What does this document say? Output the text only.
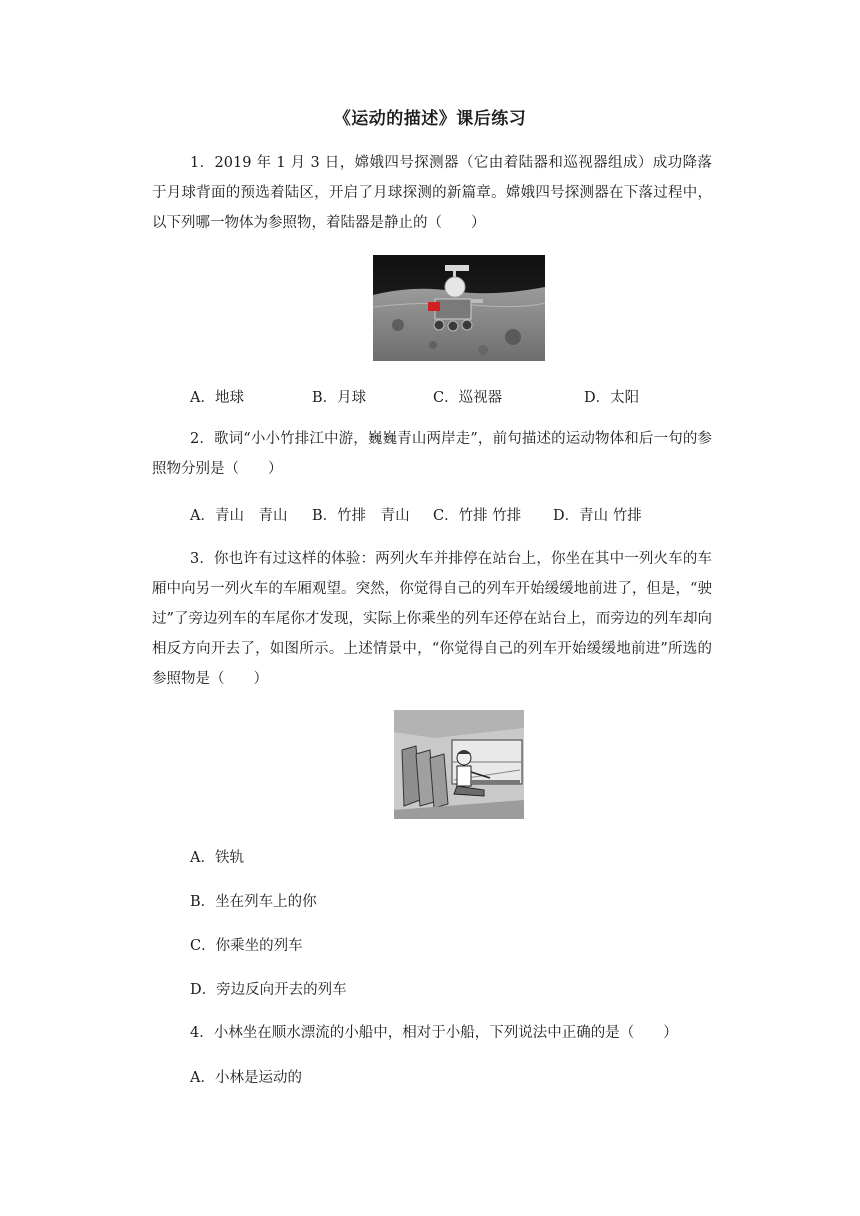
《运动的描述》课后练习

1．2019 年 1 月 3 日，嫦娥四号探测器（它由着陆器和巡视器组成）成功降落于月球背面的预选着陆区，开启了月球探测的新篇章。嫦娥四号探测器在下落过程中，以下列哪一物体为参照物，着陆器是静止的（　　）

A．地球	B．月球	C．巡视器	D．太阳

2．歌词“小小竹排江中游，巍巍青山两岸走”，前句描述的运动物体和后一句的参照物分别是（　　）

A．青山　青山 B．竹排　青山 C．竹排 竹排 D．青山 竹排

3．你也许有过这样的体验：两列火车并排停在站台上，你坐在其中一列火车的车厢中向另一列火车的车厢观望。突然，你觉得自己的列车开始缓缓地前进了，但是，“驶过”了旁边列车的车尾你才发现，实际上你乘坐的列车还停在站台上，而旁边的列车却向相反方向开去了，如图所示。上述情景中，“你觉得自己的列车开始缓缓地前进”所选的参照物是（　　）

A．铁轨
B．坐在列车上的你
C．你乘坐的列车
D．旁边反向开去的列车

4．小林坐在顺水漂流的小船中，相对于小船，下列说法中正确的是（　　）

A．小林是运动的
